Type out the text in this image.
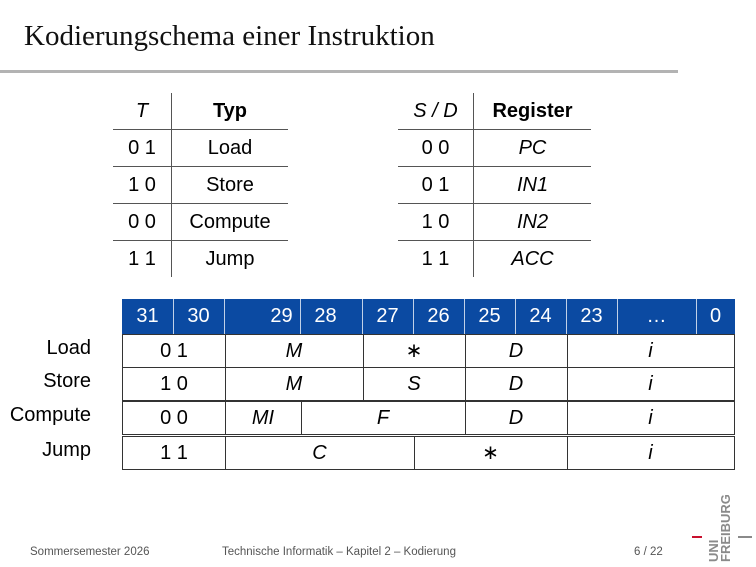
Kodierungschema einer Instruktion
T	Typ
0 1	Load
1 0	Store
0 0	Compute
1 1	Jump
S / D	Register
0 0	PC
0 1	IN1
1 0	IN2
1 1	ACC
31	30	29	28	27	26	25	24	23	…	0
Load	0 1	M	∗	D	i
Store	1 0	M	S	D	i
Compute	0 0	MI	F	D	i
Jump	1 1	C	∗	i
Sommersemester 2026	Technische Informatik – Kapitel 2 – Kodierung	6 / 22	UNI
FREIBURG
